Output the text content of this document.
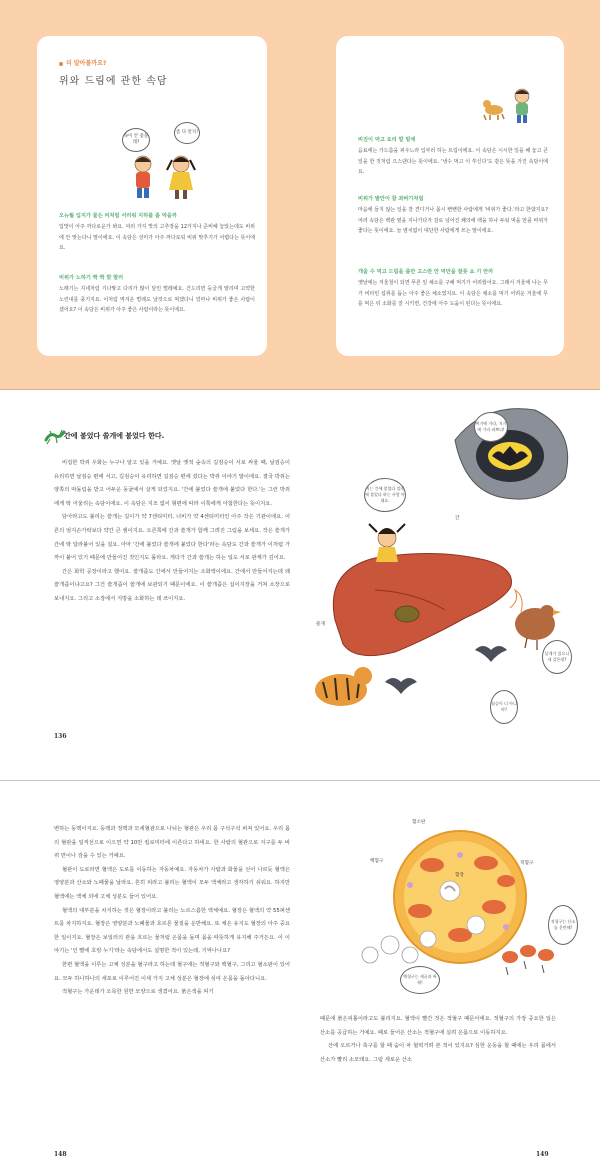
더 알아볼까요?
위와 드림에 관한 속담
속이 안 좋을래?
좀 다 알지!
오뉴월 입지가 물든 비처럼 서러워 지하를 좀 막을까

입맛이 아주 까다로운가 봐요. 여러 가지 맛의 고추장을 12가지나 준비해 놓았는데도 비위에 안 맞는다니 말이에요. 이 속담은 성미가 아주 까다로워 비위 맞추기가 어렵다는 뜻이에요.

비위가 노하기 짝 짝 맞 말러

노래기는 지네처럼 기다랗고 다리가 많이 달린 벌레예요. 건드리면 둥글게 말리며 고약한 노린내를 풍기지요. 이처럼 역겨운 벌레도 날것으로 먹겠다니 얼마나 비위가 좋은 사람이겠어요? 이 속담은 비위가 아주 좋은 사람이라는 뜻이에요.

비진이 먹고 요리 깔 밑에

음료에는 가드름을 피우느라 입부러 하는 트림이에요. 이 속담은 시시한 일을 해 놓고 큰일을 한 것처럼 으스댄다는 뜻이에요. '냉수 먹고 이 쑤신다'도 같은 뜻을 가진 속담이에요.

비위가 발안이 참 좌바가처럼

마음에 들지 않는 일을 잘 견디거나 몹시 뻔뻔한 사람에게 '비위가 좋다.'라고 한댔지요? 여러 속담은 백관 옆을 지나가다가 걸로 넘어진 쾌의에 백을 하나 두워 먹을 만큼 비위가 좋다는 뜻이에요. 늘 염치없이 대단한 사람에게 쓰는 말이에요.

개울 수 먹고 드림을 좀만 고스란 안 먹만을 잘못 쇼 기 만까

옛날에는 겨울철이 되면 푸른 잎 채소를 구해 먹기가 어려웠어요. 그래서 겨울에 나는 무가 비타민 섭취를 돕는 아주 좋은 채소였지요. 이 속담은 채소를 먹기 어려운 겨울에 무를 먹은 뒤 소화를 잘 시키면, 건강에 아주 도움이 된다는 뜻이에요.

간에 붙었다 쓸개에 붙었다 한다.

비겁한 박쥐 우화는 누구나 알고 있을 거예요. 옛날 옛적 숲속의 길짐승이 서로 싸울 때, 날짐승이 유리하면 날짐승 편에 서고, 길짐승이 유리하면 길짐승 편에 섰다는 박쥐 이야기 말이에요. 결국 박쥐는 양쪽의 따돌림을 받고 어두운 동굴에서 살게 되었지요. '간에 붙었다 쓸개에 붙었다 한다.'는 그런 박쥐에게 딱 어울리는 속담이에요. 이 속담은 지조 없이 형편에 따라 이쪽에게 아첨한다는 뜻이지요.

담아라고도 불리는 쓸개는 길이가 약 7센티미터, 너비가 약 4센티미터인 아주 작은 기관이에요. 어른의 엄지손가락보다 약간 큰 셈이지요. 오른쪽에 간과 쓸개가 함께 그려진 그림을 보세요. 작은 쓸개가 간에 딱 달라붙어 있을 걸요. 아마 '간에 붙었다 쓸개에 붙었다 한다'라는 속담도 간과 쓸개가 이처럼 가까이 붙어 있기 때문에 만들어진 것인지도 몰라요. 게다가 간과 쓸개는 하는 일도 서로 관계가 깊어요.

간은 화학 공장이라고 했어요. 쓸개즙도 간에서 만들어지는 소화액이에요. 간에서 만들어지는데 왜 쓸개즙이냐고요? 그건 쓸개즙이 쓸개에 보관되기 때문이에요. 이 쓸개즙은 십이지장을 거쳐 소장으로 보내지요. 그리고 소장에서 지방을 소화하는 데 쓰이지요.

136
간
쓸개
저는 간에 붙었다 쓸개에 붙었다 하는 사람 아녜요.
여기에 가라, 저기에 가라 바쁘다!
날개가 있으니 새 같은데?
짐승이 너 아니야?

변하는 동맥이지요. 동맥과 정맥과 모세혈관으로 나뉘는 혈관은 우리 몸 구석구석 퍼져 있어요. 우리 몸의 혈관을 일직선으로 이으면 약 10만 킬로미터에 이른다고 하네요. 한 사람의 혈관으로 지구를 두 바퀴 반이나 감을 수 있는 거예요.

혈관이 도로라면 혈액은 도로를 이동하는 자동차예요. 자동차가 사람과 화물을 싣어 나르듯 혈액은 영양분과 산소와 노폐물을 날라요. 흔히 피라고 불리는 혈액이 모두 액체라고 생각하기 쉬워요. 하지만 혈액에는 액체 외에 고체 성분도 들어 있어요.

혈액의 대부분을 차지하는 것은 혈장이라고 불리는 노르스름한 액체예요. 혈장은 혈액의 약 55퍼센트를 차지하지요. 혈장은 영양분과 노폐물과 호르몬 물질을 운반해요. 또 체온 유지도 혈장의 아주 중요한 일이지요. 혈장은 보일러의 관을 흐르는 물처럼 온몸을 돌며 몸을 따뜻하게 유지해 주거든요. 이 이야기는 '인 빨에 호랑 누기'라는 속담에서도 설명한 적이 있는데, 기억나나요?

한편 혈액을 이루는 고체 성분을 혈구라고 하는데 혈구에는 적혈구와 백혈구, 그리고 혈소판이 있어요. 모두 하나하나의 세포로 이루어진 이세 가지 고체 성분은 혈장에 섞여 온몸을 돌아다니요.

적혈구는 가운데가 오목한 원반 모양으로 생겼어요. 붉은색을 띠기

148	149
혈소판
백혈구
혈장
적혈구
적혈구는 산소를 운반해!
백혈구는 세균과 싸워!

때문에 붉은피톨이라고도 불리지요. 혈액이 빨간 것은 적혈구 때문이에요. 적혈구의 가장 중요한 일은 산소를 공급하는 거예요. 폐로 들어온 산소는 적혈구에 실려 온몸으로 이동하지요.

산에 오르거나 축구를 할 때 숨이 차 헐떡거려 본 적이 있지요? 심한 운동을 할 때에는 우리 몸에서 산소가 빨리 소모돼요. 그럼 새로운 산소
